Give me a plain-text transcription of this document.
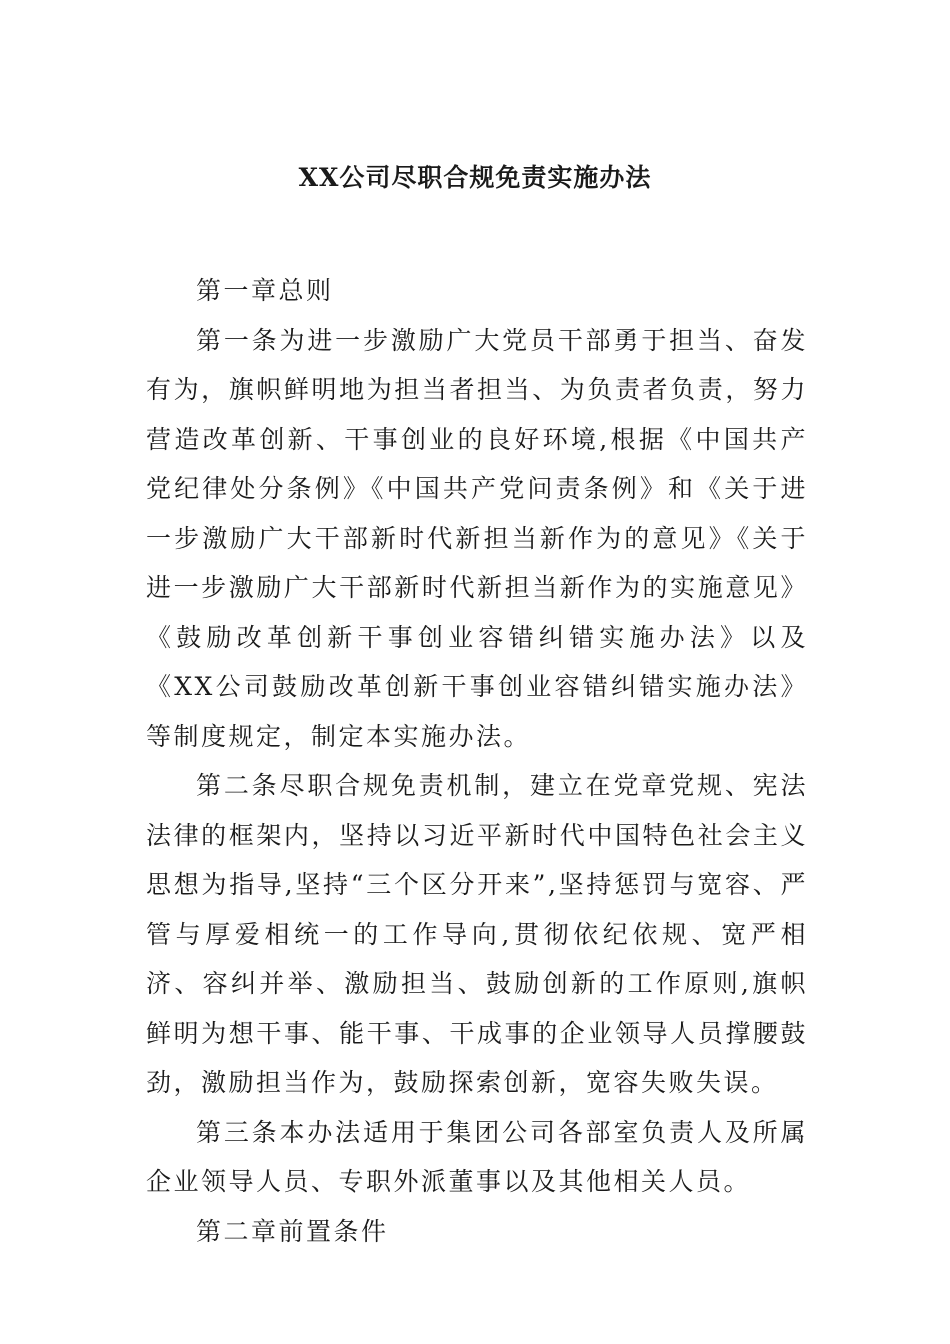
XX公司尽职合规免责实施办法

第一章总则

第一条为进一步激励广大党员干部勇于担当、奋发有为，旗帜鲜明地为担当者担当、为负责者负责，努力营造改革创新、干事创业的良好环境,根据《中国共产党纪律处分条例》《中国共产党问责条例》和《关于进一步激励广大干部新时代新担当新作为的意见》《关于进一步激励广大干部新时代新担当新作为的实施意见》《鼓励改革创新干事创业容错纠错实施办法》以及《XX公司鼓励改革创新干事创业容错纠错实施办法》等制度规定，制定本实施办法。

第二条尽职合规免责机制，建立在党章党规、宪法法律的框架内，坚持以习近平新时代中国特色社会主义思想为指导,坚持“三个区分开来”,坚持惩罚与宽容、严管与厚爱相统一的工作导向,贯彻依纪依规、宽严相济、容纠并举、激励担当、鼓励创新的工作原则,旗帜鲜明为想干事、能干事、干成事的企业领导人员撑腰鼓劲，激励担当作为，鼓励探索创新，宽容失败失误。

第三条本办法适用于集团公司各部室负责人及所属企业领导人员、专职外派董事以及其他相关人员。

第二章前置条件
